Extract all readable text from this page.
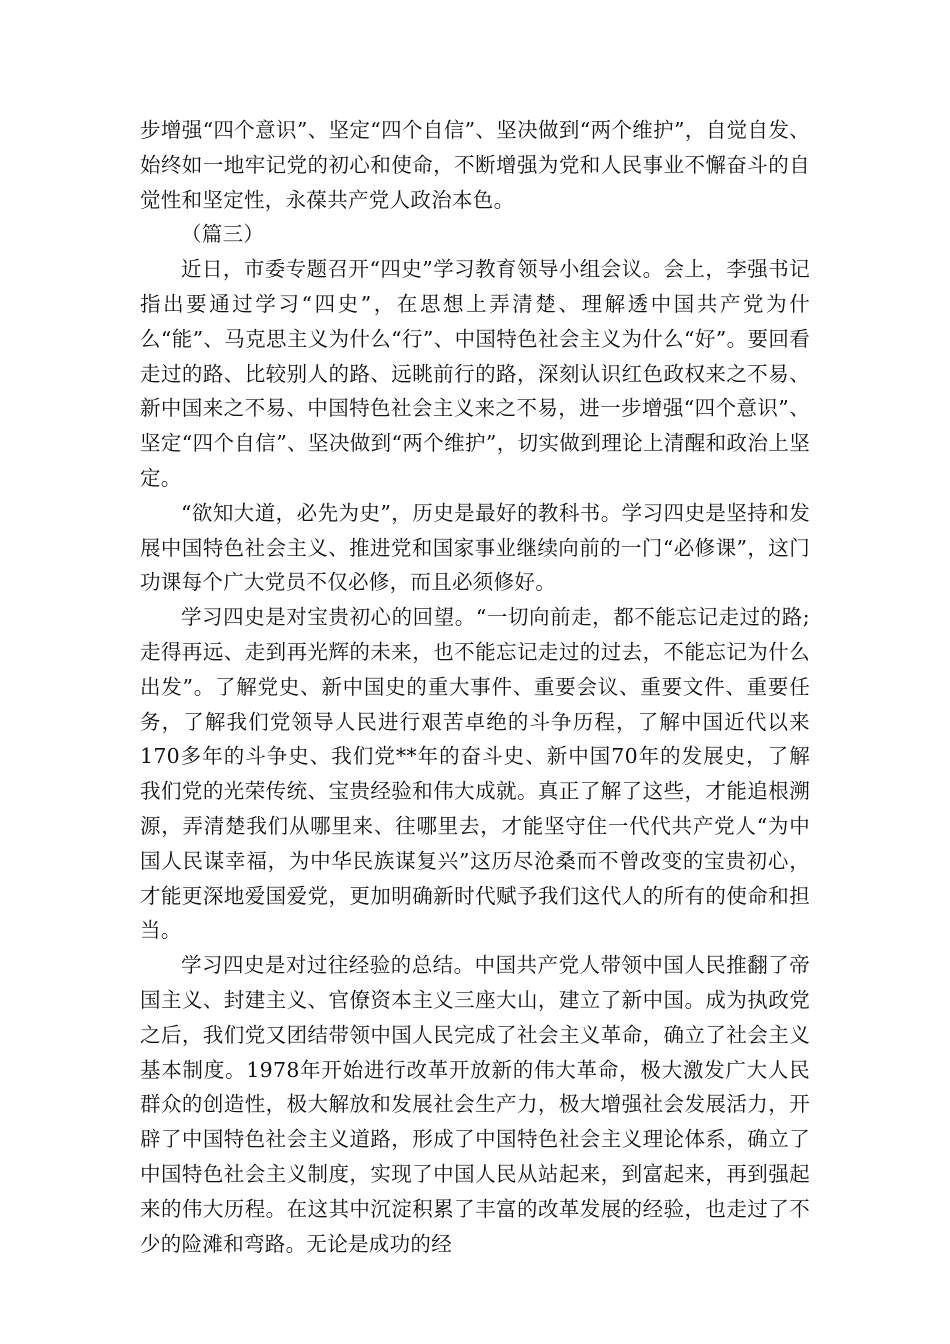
步增强“四个意识”、坚定“四个自信”、坚决做到“两个维护”，自觉自发、始终如一地牢记党的初心和使命，不断增强为党和人民事业不懈奋斗的自觉性和坚定性，永葆共产党人政治本色。

（篇三）

近日，市委专题召开“四史”学习教育领导小组会议。会上，李强书记指出要通过学习“四史”，在思想上弄清楚、理解透中国共产党为什么“能”、马克思主义为什么“行”、中国特色社会主义为什么“好”。要回看走过的路、比较别人的路、远眺前行的路，深刻认识红色政权来之不易、新中国来之不易、中国特色社会主义来之不易，进一步增强“四个意识”、坚定“四个自信”、坚决做到“两个维护”，切实做到理论上清醒和政治上坚定。

“欲知大道，必先为史”，历史是最好的教科书。学习四史是坚持和发展中国特色社会主义、推进党和国家事业继续向前的一门“必修课”，这门功课每个广大党员不仅必修，而且必须修好。

学习四史是对宝贵初心的回望。“一切向前走，都不能忘记走过的路;走得再远、走到再光辉的未来，也不能忘记走过的过去，不能忘记为什么出发”。了解党史、新中国史的重大事件、重要会议、重要文件、重要任务，了解我们党领导人民进行艰苦卓绝的斗争历程，了解中国近代以来170多年的斗争史、我们党**年的奋斗史、新中国70年的发展史，了解我们党的光荣传统、宝贵经验和伟大成就。真正了解了这些，才能追根溯源，弄清楚我们从哪里来、往哪里去，才能坚守住一代代共产党人“为中国人民谋幸福，为中华民族谋复兴”这历尽沧桑而不曾改变的宝贵初心，才能更深地爱国爱党，更加明确新时代赋予我们这代人的所有的使命和担当。

学习四史是对过往经验的总结。中国共产党人带领中国人民推翻了帝国主义、封建主义、官僚资本主义三座大山，建立了新中国。成为执政党之后，我们党又团结带领中国人民完成了社会主义革命，确立了社会主义基本制度。1978年开始进行改革开放新的伟大革命，极大激发广大人民群众的创造性，极大解放和发展社会生产力，极大增强社会发展活力，开辟了中国特色社会主义道路，形成了中国特色社会主义理论体系，确立了中国特色社会主义制度，实现了中国人民从站起来，到富起来，再到强起来的伟大历程。在这其中沉淀积累了丰富的改革发展的经验，也走过了不少的险滩和弯路。无论是成功的经
